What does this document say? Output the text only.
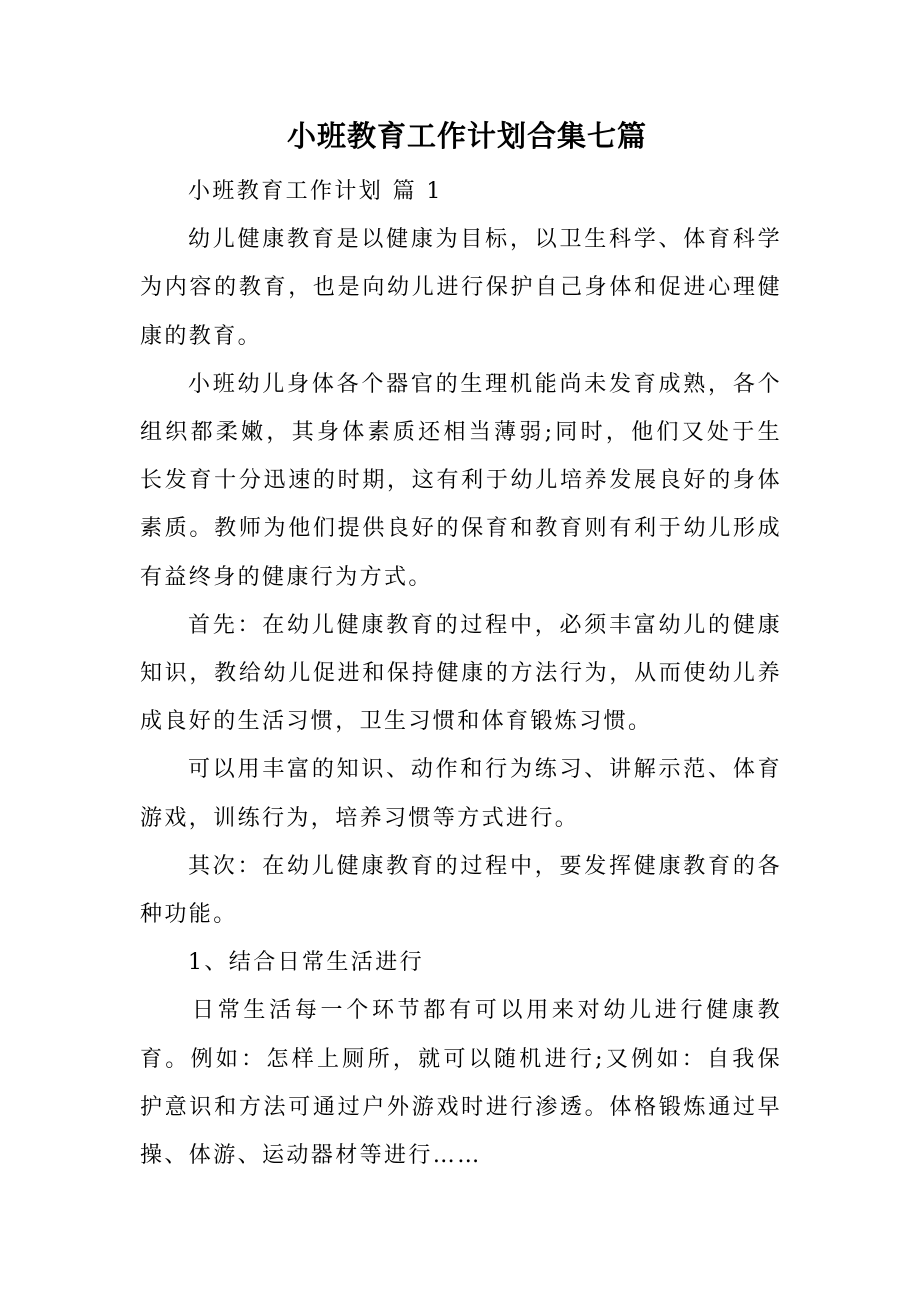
小班教育工作计划合集七篇

小班教育工作计划 篇 1

幼儿健康教育是以健康为目标，以卫生科学、体育科学为内容的教育，也是向幼儿进行保护自己身体和促进心理健康的教育。

小班幼儿身体各个器官的生理机能尚未发育成熟，各个组织都柔嫩，其身体素质还相当薄弱;同时，他们又处于生长发育十分迅速的时期，这有利于幼儿培养发展良好的身体素质。教师为他们提供良好的保育和教育则有利于幼儿形成有益终身的健康行为方式。

首先：在幼儿健康教育的过程中，必须丰富幼儿的健康知识，教给幼儿促进和保持健康的方法行为，从而使幼儿养成良好的生活习惯，卫生习惯和体育锻炼习惯。

可以用丰富的知识、动作和行为练习、讲解示范、体育游戏，训练行为，培养习惯等方式进行。

其次：在幼儿健康教育的过程中，要发挥健康教育的各种功能。

1、结合日常生活进行

日常生活每一个环节都有可以用来对幼儿进行健康教育。例如：怎样上厕所，就可以随机进行;又例如：自我保护意识和方法可通过户外游戏时进行渗透。体格锻炼通过早操、体游、运动器材等进行……
